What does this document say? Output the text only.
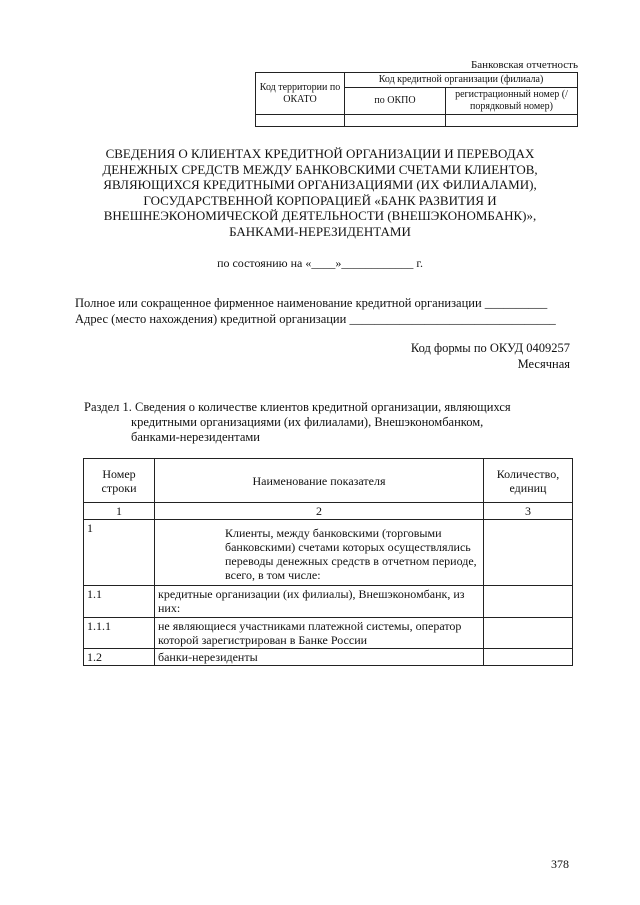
Банковская отчетность
Код территории по ОКАТО	Код кредитной организации (филиала)	
	по ОКПО	регистрационный номер (/порядковый номер)

СВЕДЕНИЯ О КЛИЕНТАХ КРЕДИТНОЙ ОРГАНИЗАЦИИ И ПЕРЕВОДАХ
ДЕНЕЖНЫХ СРЕДСТВ МЕЖДУ БАНКОВСКИМИ СЧЕТАМИ КЛИЕНТОВ,
ЯВЛЯЮЩИХСЯ КРЕДИТНЫМИ ОРГАНИЗАЦИЯМИ (ИХ ФИЛИАЛАМИ),
ГОСУДАРСТВЕННОЙ КОРПОРАЦИЕЙ «БАНК РАЗВИТИЯ И
ВНЕШНЕЭКОНОМИЧЕСКОЙ ДЕЯТЕЛЬНОСТИ (ВНЕШЭКОНОМБАНК)»,
БАНКАМИ-НЕРЕЗИДЕНТАМИ
по состоянию на «____»____________ г.
Полное или сокращенное фирменное наименование кредитной организации __________
Адрес (место нахождения) кредитной организации _________________________________
Код формы по ОКУД 0409257
Месячная
Раздел 1. Сведения о количестве клиентов кредитной организации, являющихся
кредитными организациями (их филиалами), Внешэкономбанком,
банками-нерезидентами
Номер строки	Наименование показателя	Количество, единиц
1	2	3
1	Клиенты, между банковскими (торговыми банковскими) счетами которых осуществлялись переводы денежных средств в отчетном периоде, всего, в том числе:	
1.1	кредитные организации (их филиалы), Внешэкономбанк, из них:	
1.1.1	не являющиеся участниками платежной системы, оператор которой зарегистрирован в Банке России	
1.2	банки-нерезиденты	
378
